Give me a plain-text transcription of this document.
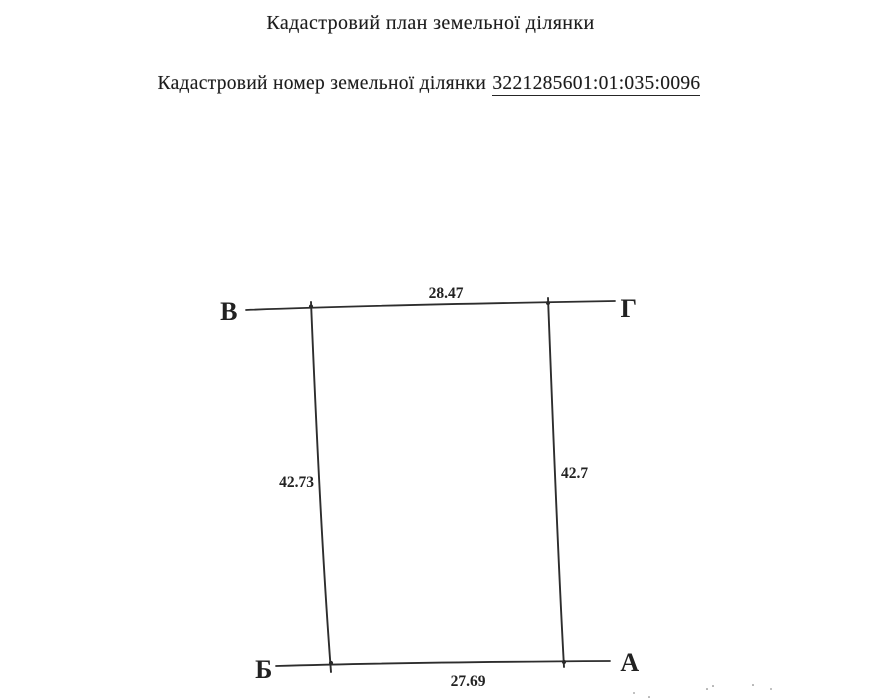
Кадастровий план земельної ділянки
Кадастровий номер земельної ділянки 3221285601:01:035:0096
В	Г
Б	А
28.47
42.73
42.7
27.69
